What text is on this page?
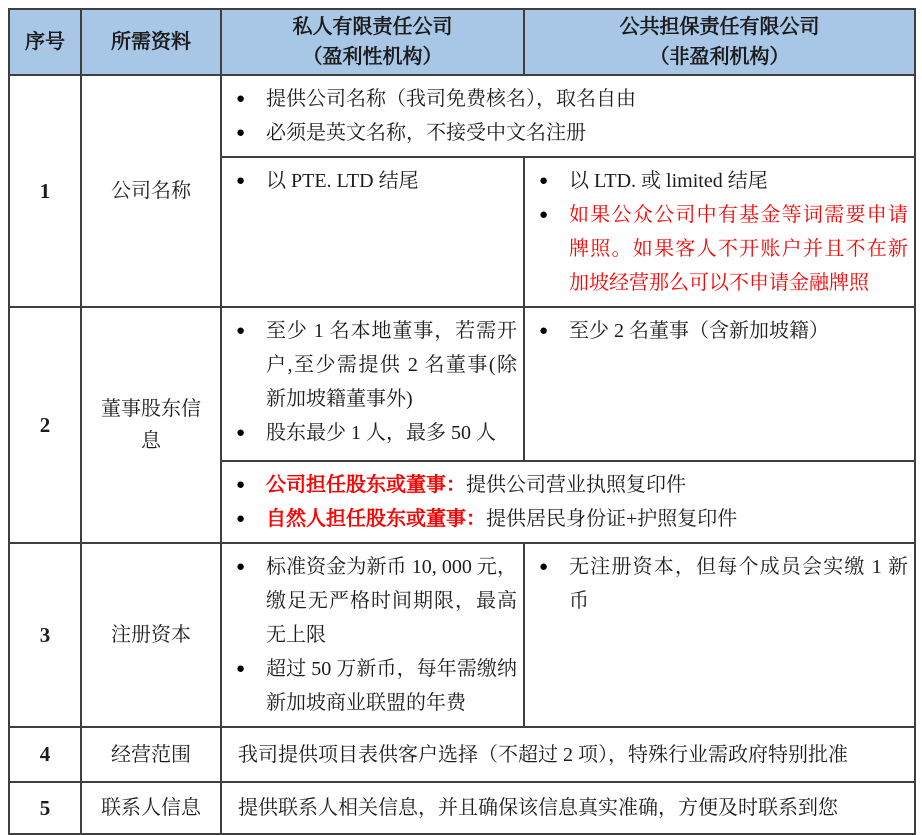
序号	所需资料	私人有限责任公司
（盈利性机构）	公共担保责任有限公司
（非盈利机构）

1	公司名称	● 提供公司名称（我司免费核名），取名自由
● 必须是英文名称，不接受中文名注册	

●	以 PTE. LTD 结尾	●	以 LTD. 或 limited 结尾
●	如果公众公司中有基金等词需要申请牌照。如果客人不开账户并且不在新加坡经营那么可以不申请金融牌照

2	董事股东信息	
●	至少 1 名本地董事，若需开户,至少需提供 2 名董事(除新加坡籍董事外)
●	股东最少 1 人，最多 50 人

●	至少 2 名董事（含新加坡籍）

		● 公司担任股东或董事：提供公司营业执照复印件
● 自然人担任股东或董事：提供居民身份证+护照复印件	

3	注册资本	
●	标准资金为新币 10, 000 元，缴足无严格时间期限，最高无上限
●	超过 50 万新币，每年需缴纳新加坡商业联盟的年费

●	无注册资本，但每个成员会实缴 1 新币

4	经营范围	我司提供项目表供客户选择（不超过 2 项），特殊行业需政府特别批准	
5	联系人信息	提供联系人相关信息，并且确保该信息真实准确，方便及时联系到您	
